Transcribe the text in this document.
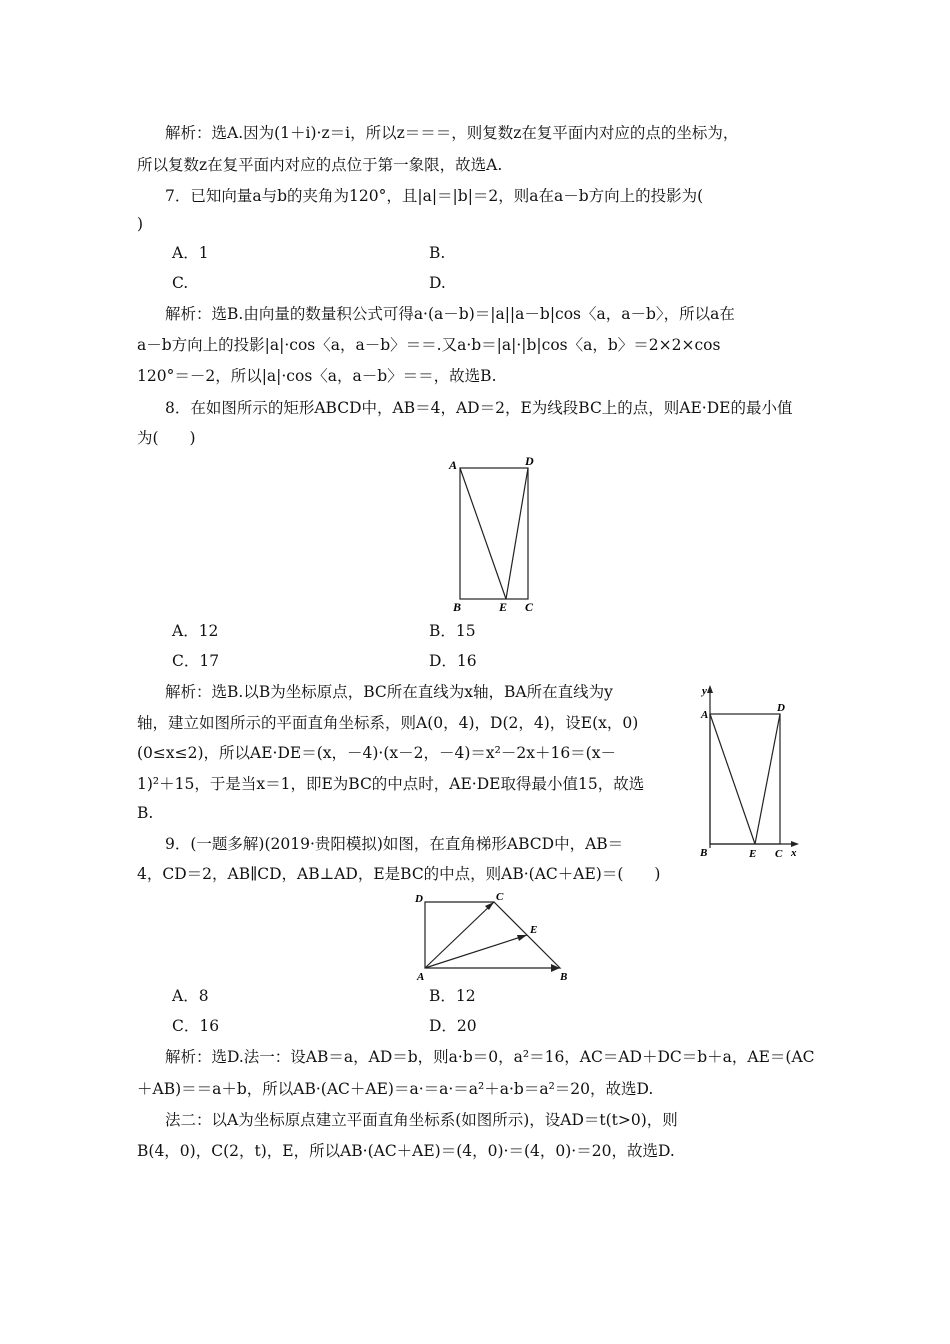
解析：选A.因为(1＋i)·z＝i，所以z＝＝＝，则复数z在复平面内对应的点的坐标为，
所以复数z在复平面内对应的点位于第一象限，故选A.
7．已知向量a与b的夹角为120°，且|a|＝|b|＝2，则a在a－b方向上的投影为(
)
A．1	B.
C.	D.
解析：选B.由向量的数量积公式可得a·(a－b)＝|a||a－b|cos〈a，a－b〉，所以a在
a－b方向上的投影|a|·cos〈a，a－b〉＝＝.又a·b＝|a|·|b|cos〈a，b〉＝2×2×cos
120°＝－2，所以|a|·cos〈a，a－b〉＝＝，故选B.
8．在如图所示的矩形ABCD中，AB＝4，AD＝2，E为线段BC上的点，则AE·DE的最小值
为(　　)
A	D
B	E C
A．12	B．15
C．17	D．16
解析：选B.以B为坐标原点，BC所在直线为x轴，BA所在直线为y
轴，建立如图所示的平面直角坐标系，则A(0，4)，D(2，4)，设E(x，0)
(0≤x≤2)，所以AE·DE＝(x，－4)·(x－2，－4)＝x²－2x＋16＝(x－
1)²＋15，于是当x＝1，即E为BC的中点时，AE·DE取得最小值15，故选
B.
y
A
D
B	E C x
9．(一题多解)(2019·贵阳模拟)如图，在直角梯形ABCD中，AB＝
4，CD＝2，AB∥CD，AB⊥AD，E是BC的中点，则AB·(AC＋AE)＝(　　)
D	C
E
A	B
A．8	B．12
C．16	D．20
解析：选D.法一：设AB＝a，AD＝b，则a·b＝0，a²＝16，AC＝AD＋DC＝b＋a，AE＝(AC
＋AB)＝＝a＋b，所以AB·(AC＋AE)＝a·＝a·＝a²＋a·b＝a²＝20，故选D.
法二：以A为坐标原点建立平面直角坐标系(如图所示)，设AD＝t(t>0)，则
B(4，0)，C(2，t)，E，所以AB·(AC＋AE)＝(4，0)·＝(4，0)·＝20，故选D.
